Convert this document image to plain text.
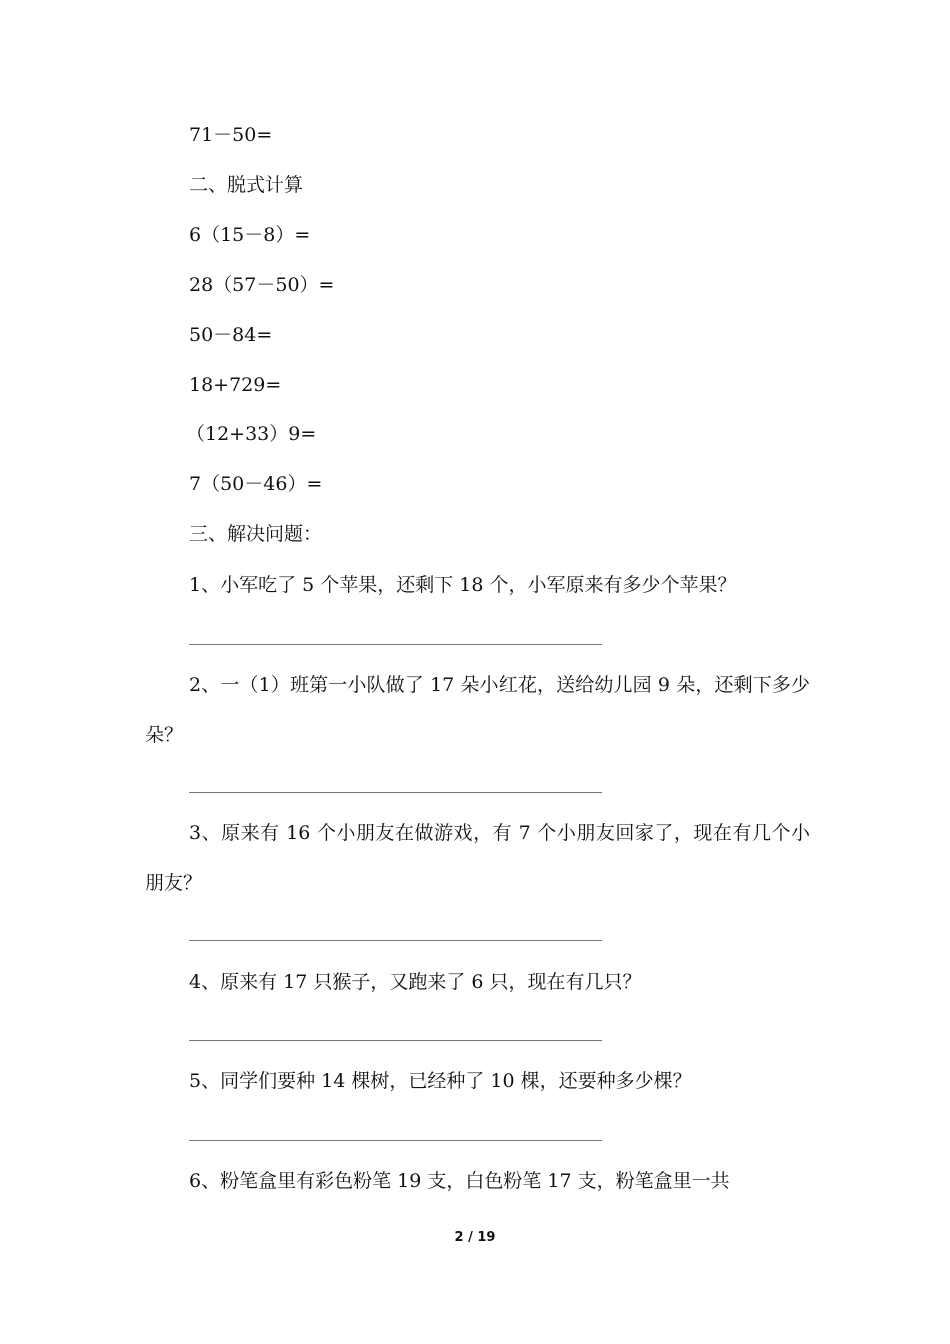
71－50=
二、脱式计算
6（15－8）=
28（57－50）=
50－84=
18+729=
（12+33）9=
7（50－46）=
三、解决问题：
1、小军吃了 5 个苹果，还剩下 18 个，小军原来有多少个苹果？
2、一（1）班第一小队做了 17 朵小红花，送给幼儿园 9 朵，还剩下多少朵？
3、原来有 16 个小朋友在做游戏，有 7 个小朋友回家了，现在有几个小朋友？
4、原来有 17 只猴子，又跑来了 6 只，现在有几只？
5、同学们要种 14 棵树，已经种了 10 棵，还要种多少棵？
6、粉笔盒里有彩色粉笔 19 支，白色粉笔 17 支，粉笔盒里一共
2 / 19
